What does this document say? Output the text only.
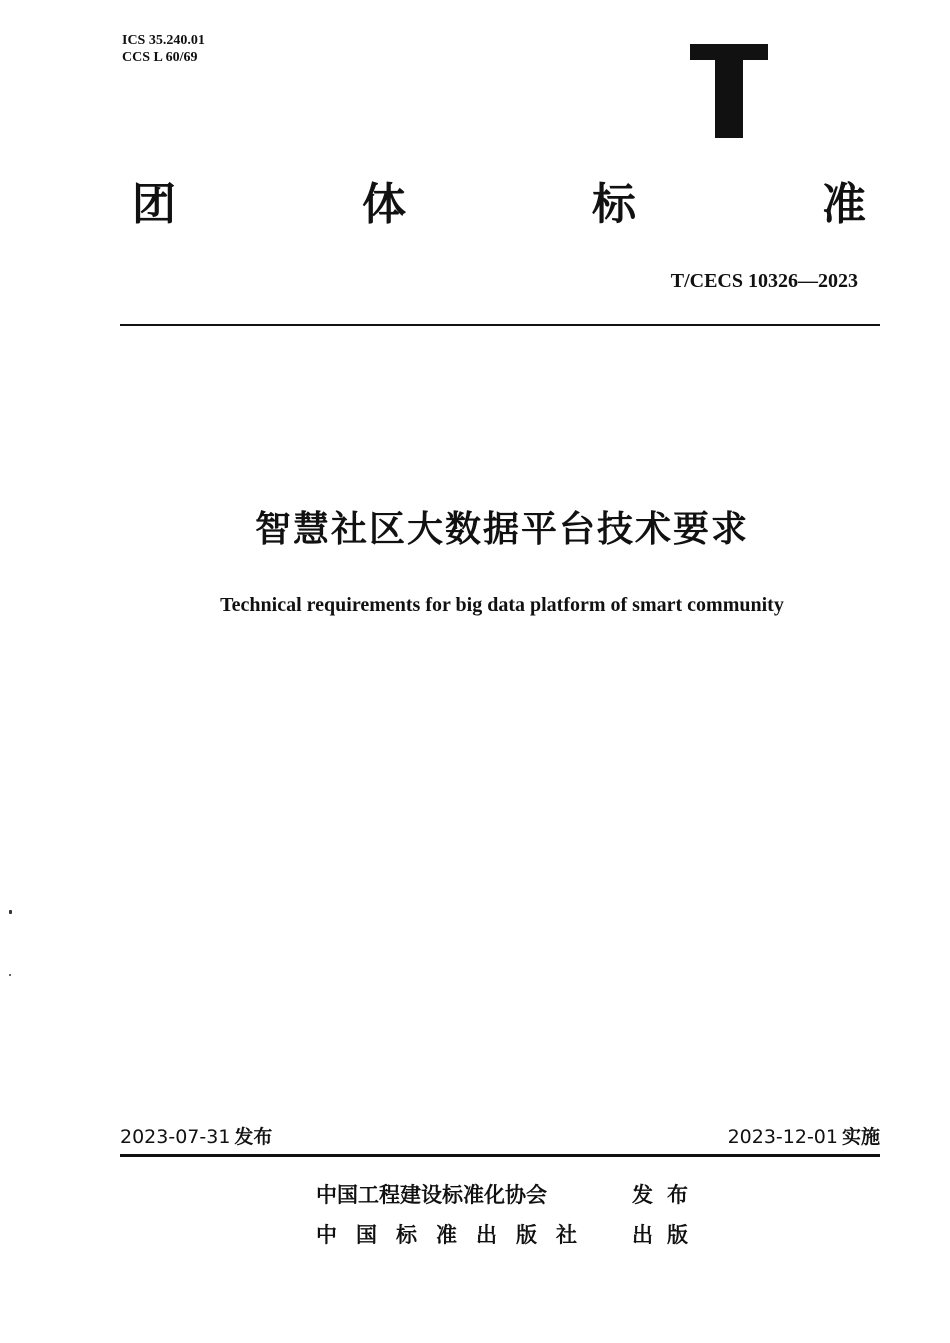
ICS 35.240.01
CCS L 60/69
团	体	标	准
T/CECS 10326—2023
智慧社区大数据平台技术要求
Technical requirements for big data platform of smart community
2023-07-31 发布	2023-12-01 实施
中国工程建设标准化协会	发布
中国标准出版社	出版
